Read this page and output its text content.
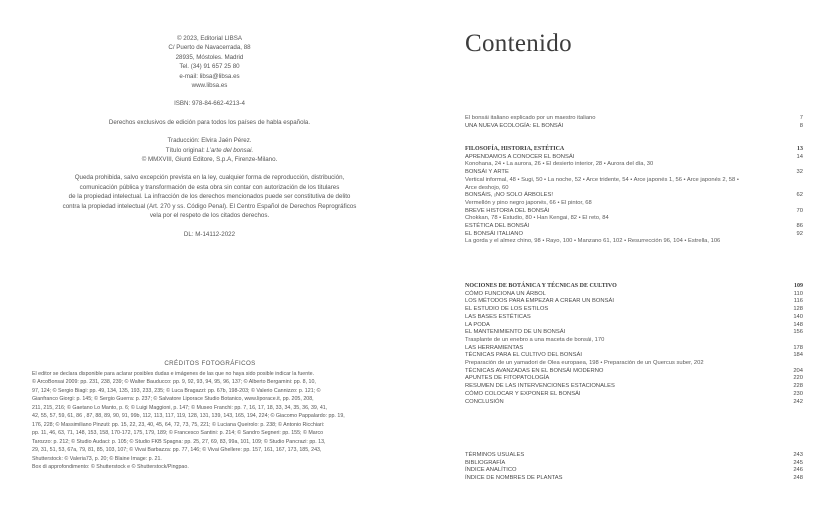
© 2023, Editorial LIBSA
C/ Puerto de Navacerrada, 88
28935, Móstoles. Madrid
Tel. (34) 91 657 25 80
e-mail: libsa@libsa.es
www.libsa.es
ISBN: 978-84-662-4213-4
Derechos exclusivos de edición para todos los países de habla española.
Traducción: Elvira Jaén Pérez.
Título original: L’arte del bonsai.
© MMXVIII, Giunti Editore, S.p.A, Firenze-Milano.
Queda prohibida, salvo excepción prevista en la ley, cualquier forma de reproducción, distribución,
comunicación pública y transformación de esta obra sin contar con autorización de los titulares
de la propiedad intelectual. La infracción de los derechos mencionados puede ser constitutiva de delito
contra la propiedad intelectual (Art. 270 y ss. Código Penal). El Centro Español de Derechos Reprográficos
vela por el respeto de los citados derechos.
DL: M-14112-2022
CRÉDITOS FOTOGRÁFICOS
El editor se declara disponible para aclarar posibles dudas e imágenes de las que no haya sido posible indicar la fuente.
© ArcoBonsai 2009: pp. 231, 238, 239; © Walter Bauducco: pp. 9, 92, 93, 94, 95, 96, 137; © Alberto Bergamini: pp. 8, 10,
97, 124; © Sergio Biagi: pp. 49, 134, 135, 193, 233, 235; © Luca Bragazzi: pp. 67b, 198-203; © Valerio Cannizzo: p. 121; ©
Gianfranco Giorgi: p. 145; © Sergio Guerra: p. 237; © Salvatore Liporace Studio Botanico, www.liporace.it, pp. 205, 208,
211, 215, 216; © Gaetano Lo Manto, p. 6; © Luigi Maggioni, p. 147; © Museo Franchi: pp. 7, 16, 17, 18, 33, 34, 35, 36, 39, 41,
42, 55, 57, 59, 61, 86 , 87, 88, 89, 90, 91, 99b, 112, 113, 117, 119, 128, 131, 139, 143, 165, 194, 224; © Giacomo Pappalardo: pp. 19,
176, 228; © Massimiliano Pinzuti: pp. 15, 22, 23, 40, 45, 64, 72, 73, 75, 221; © Luciana Queirolo: p. 238; © Antonio Ricchiari:
pp. 11, 46, 63, 71, 148, 153, 158, 170-172, 175, 179, 189; © Francesco Santini: p. 214; © Sandro Segneri: pp. 155; © Marco
Tarozzo: p. 212; © Studio Audaci: p. 105; © Studio FKB Spagna: pp. 25, 27, 69, 83, 99a, 101, 109; © Studio Pancrazi: pp. 13,
29, 31, 51, 53, 67a, 79, 81, 85, 103, 107; © Vivai Barbazza: pp. 77, 146; © Vivai Ghellere: pp. 157, 161, 167, 173, 185, 243,
Shutterstock: © Valeria73, p. 20; © Blaine Image: p. 21.
Box di approfondimento: © Shutterstock e © Shutterstock/Pingpao.
Contenido
El bonsái italiano explicado por un maestro italiano	7
UNA NUEVA ECOLOGÍA: EL BONSÁI	8
FILOSOFÍA, HISTORIA, ESTÉTICA	13
APRENDAMOS A CONOCER EL BONSÁI	14
Konohana, 24 • La aurora, 26 • El desierto interior, 28 • Aurora del día, 30
BONSÁI Y ARTE	32
Vertical informal, 48 • Sugi, 50 • La noche, 52 • Arce tridente, 54 • Arce japonés 1, 56 • Arce japonés 2, 58 •
Arce deshojo, 60
BONSÁIS, ¡NO SOLO ÁRBOLES!	62
Vermellón y pino negro japonés, 66 • El pintor, 68
BREVE HISTORIA DEL BONSÁI	70
Chokkan, 78 • Estudio, 80 • Han Kengai, 82 • El reto, 84
ESTÉTICA DEL BONSÁI	86
EL BONSÁI ITALIANO	92
La gorda y el almez chino, 98 • Rayo, 100 • Manzano 61, 102 • Resurrección 96, 104 • Estrella, 106
NOCIONES DE BOTÁNICA Y TÉCNICAS DE CULTIVO	109
CÓMO FUNCIONA UN ÁRBOL	110
LOS MÉTODOS PARA EMPEZAR A CREAR UN BONSÁI	116
EL ESTUDIO DE LOS ESTILOS	128
LAS BASES ESTÉTICAS	140
LA PODA	148
EL MANTENIMIENTO DE UN BONSÁI	156
Trasplante de un enebro a una maceta de bonsái, 170
LAS HERRAMIENTAS	178
TÉCNICAS PARA EL CULTIVO DEL BONSÁI	184
Preparación de un yamadori de Olea europaea, 198 • Preparación de un Quercus suber, 202
TÉCNICAS AVANZADAS EN EL BONSÁI MODERNO	204
APUNTES DE FITOPATOLOGÍA	220
RESUMEN DE LAS INTERVENCIONES ESTACIONALES	228
CÓMO COLOCAR Y EXPONER EL BONSÁI	230
CONCLUSIÓN	242
TÉRMINOS USUALES	243
BIBLIOGRAFÍA	245
ÍNDICE ANALÍTICO	246
ÍNDICE DE NOMBRES DE PLANTAS	248
